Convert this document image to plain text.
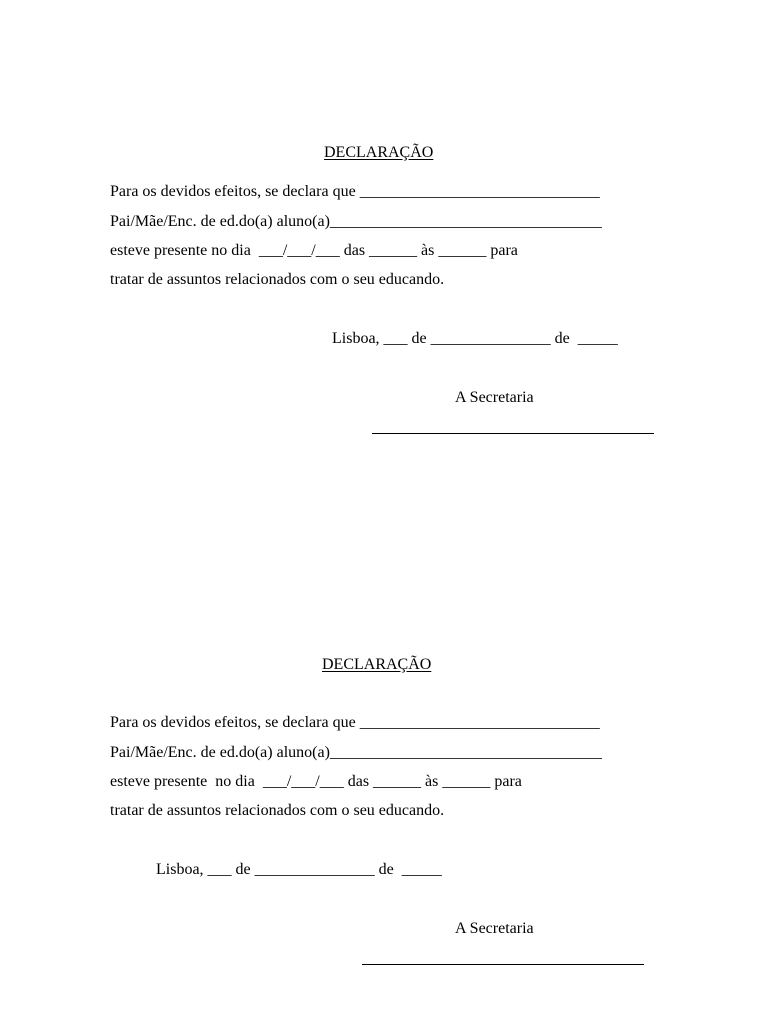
DECLARAÇÃO
Para os devidos efeitos, se declara que ______________________________
Pai/Mãe/Enc. de ed.do(a) aluno(a)__________________________________
esteve presente no dia  ___/___/___ das ______ às ______ para
tratar de assuntos relacionados com o seu educando.
Lisboa, ___ de _______________ de  _____
A Secretaria
DECLARAÇÃO
Para os devidos efeitos, se declara que ______________________________
Pai/Mãe/Enc. de ed.do(a) aluno(a)__________________________________
esteve presente  no dia  ___/___/___ das ______ às ______ para
tratar de assuntos relacionados com o seu educando.
Lisboa, ___ de _______________ de  _____
A Secretaria
